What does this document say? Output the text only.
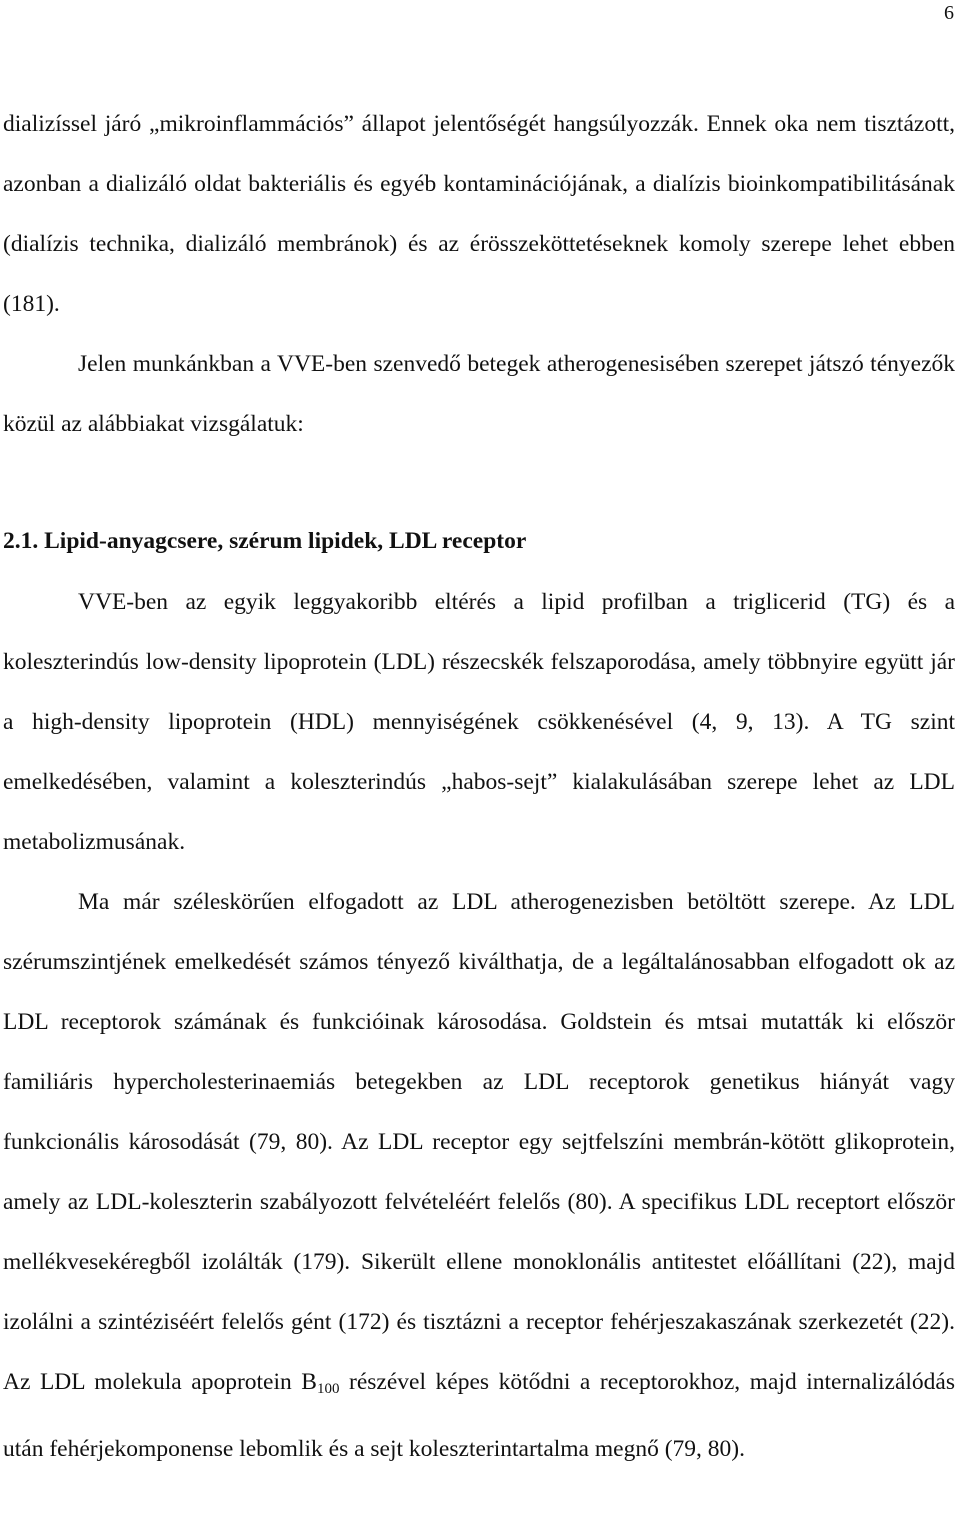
6

dializíssel járó „mikroinflammációs” állapot jelentőségét hangsúlyozzák. Ennek oka nem tisztázott, azonban a dializáló oldat bakteriális és egyéb kontaminációjának, a dialízis bioinkompatibilitásának (dialízis technika, dializáló membránok) és az érösszeköttetéseknek komoly szerepe lehet ebben (181).

Jelen munkánkban a VVE-ben szenvedő betegek atherogenesisében szerepet játszó tényezők közül az alábbiakat vizsgálatuk:

2.1. Lipid-anyagcsere, szérum lipidek, LDL receptor

VVE-ben az egyik leggyakoribb eltérés a lipid profilban a triglicerid (TG) és a koleszterindús low-density lipoprotein (LDL) részecskék felszaporodása, amely többnyire együtt jár a high-density lipoprotein (HDL) mennyiségének csökkenésével (4, 9, 13). A TG szint emelkedésében, valamint a koleszterindús „habos-sejt” kialakulásában szerepe lehet az LDL metabolizmusának.

Ma már széleskörűen elfogadott az LDL atherogenezisben betöltött szerepe. Az LDL szérumszintjének emelkedését számos tényező kiválthatja, de a legáltalánosabban elfogadott ok az LDL receptorok számának és funkcióinak károsodása. Goldstein és mtsai mutatták ki először familiáris hypercholesterinaemiás betegekben az LDL receptorok genetikus hiányát vagy funkcionális károsodását (79, 80). Az LDL receptor egy sejtfelszíni membrán-kötött glikoprotein, amely az LDL-koleszterin szabályozott felvételéért felelős (80). A specifikus LDL receptort először mellékvesekéregből izolálták (179). Sikerült ellene monoklonális antitestet előállítani (22), majd izolálni a szintéziséért felelős gént (172) és tisztázni a receptor fehérjeszakaszának szerkezetét (22). Az LDL molekula apoprotein $B_{100}$ részével képes kötődni a receptorokhoz, majd internalizálódás után fehérjekomponense lebomlik és a sejt koleszterintartalma megnő (79, 80).
